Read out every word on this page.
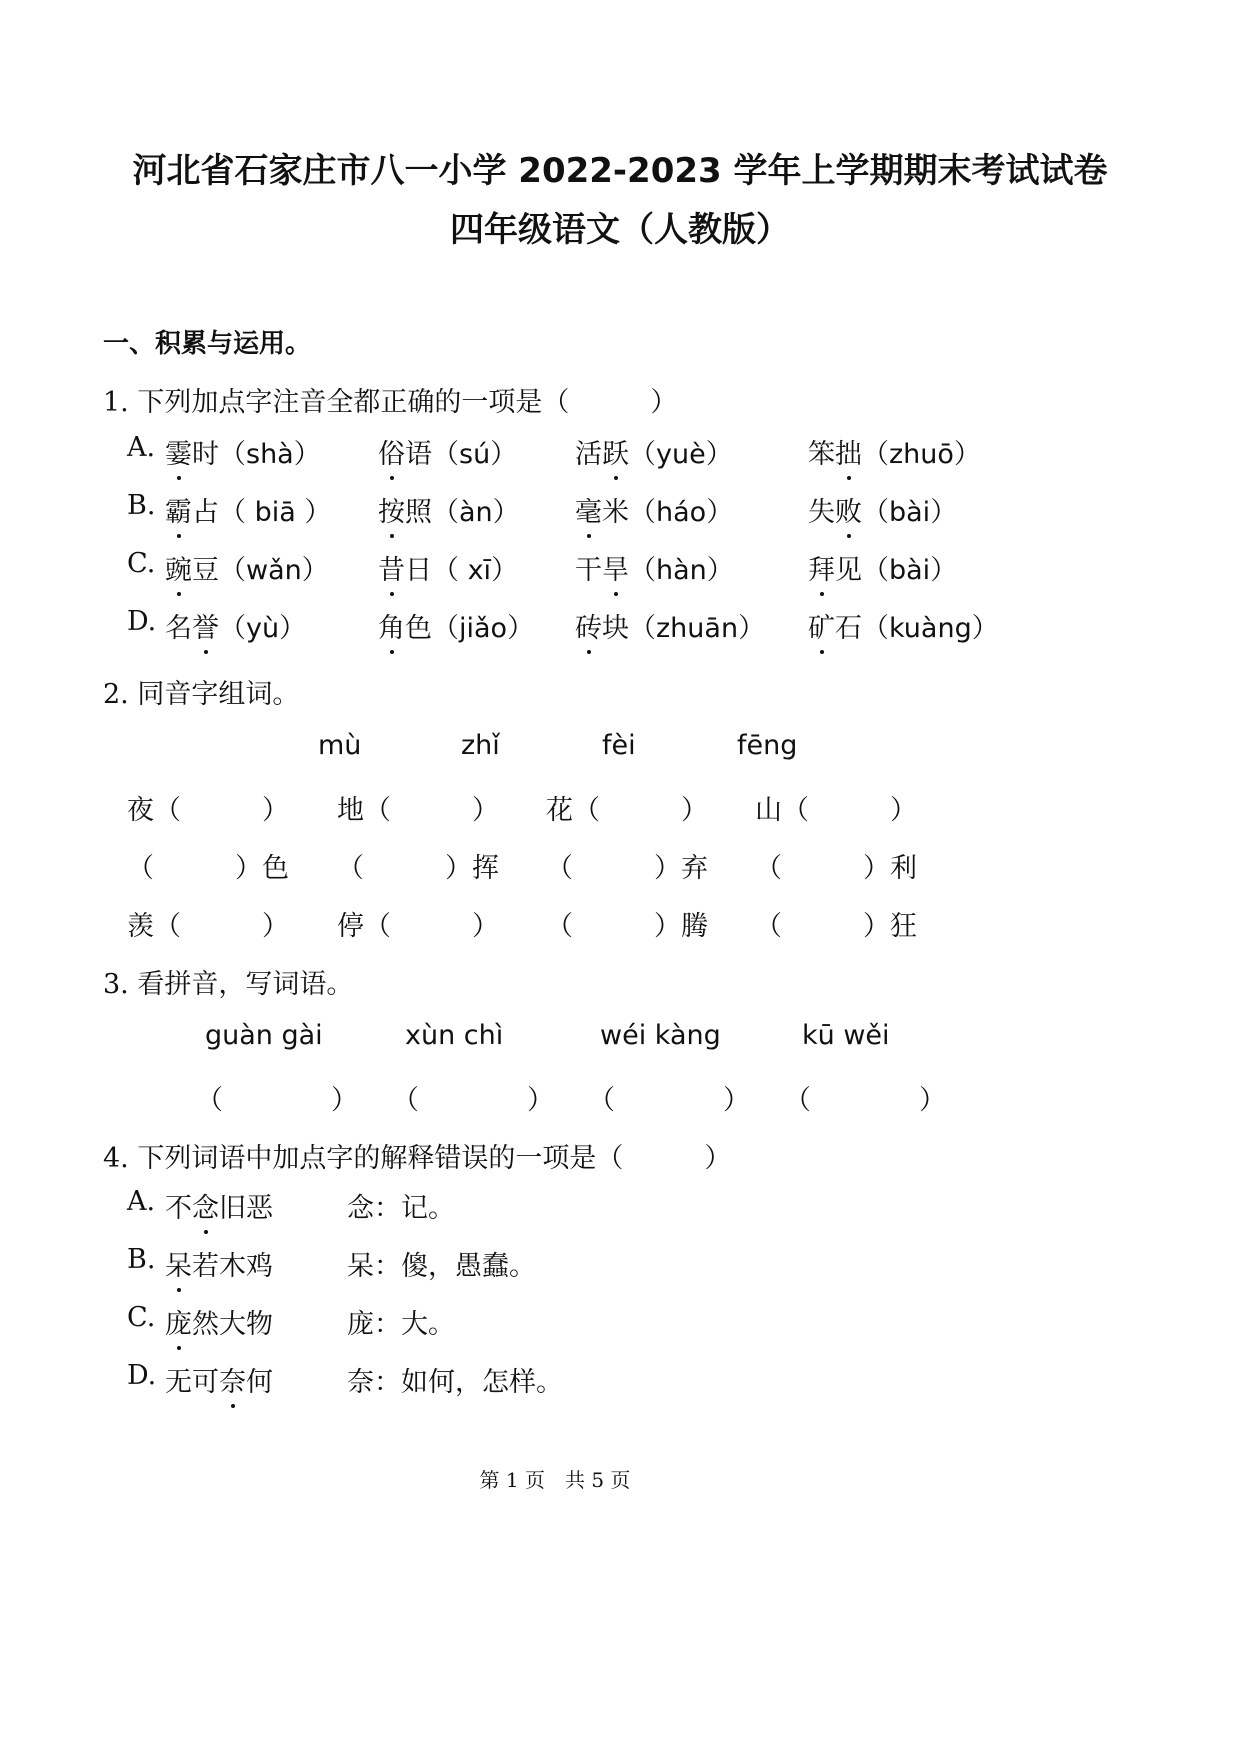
河北省石家庄市八一小学 2022-2023 学年上学期期末考试试卷
四年级语文（人教版）
一、积累与运用。
1. 下列加点字注音全都正确的一项是（　　　）
A. 霎时（shà） 俗语（sú） 活跃（yuè）	笨拙（zhuō）
B. 霸占（ biā ） 按照（àn） 毫米（háo）	失败（bài）
C. 豌豆（wǎn） 昔日（ xī） 干旱（hàn）	拜见（bài）
D. 名誉（yù）	角色（jiǎo） 砖块（zhuān） 矿石（kuàng）
2. 同音字组词。
mù	zhǐ	fèi	fēng
夜（　　　） 地（　　　） 花（　　　） 山（　　　）
（　　　）色 （　　　）挥 （　　　）弃 （　　　）利
羡（　　　） 停（　　　） （　　　）腾 （　　　）狂
3. 看拼音，写词语。
guàn gài	xùn chì	wéi kàng	kū wěi
（　　　　） （　　　　） （　　　　） （　　　　）
4. 下列词语中加点字的解释错误的一项是（　　　）
A. 不念旧恶	念：记。
B. 呆若木鸡	呆：傻，愚蠢。
C. 庞然大物	庞：大。
D. 无可奈何	奈：如何，怎样。
第 1 页　共 5 页
